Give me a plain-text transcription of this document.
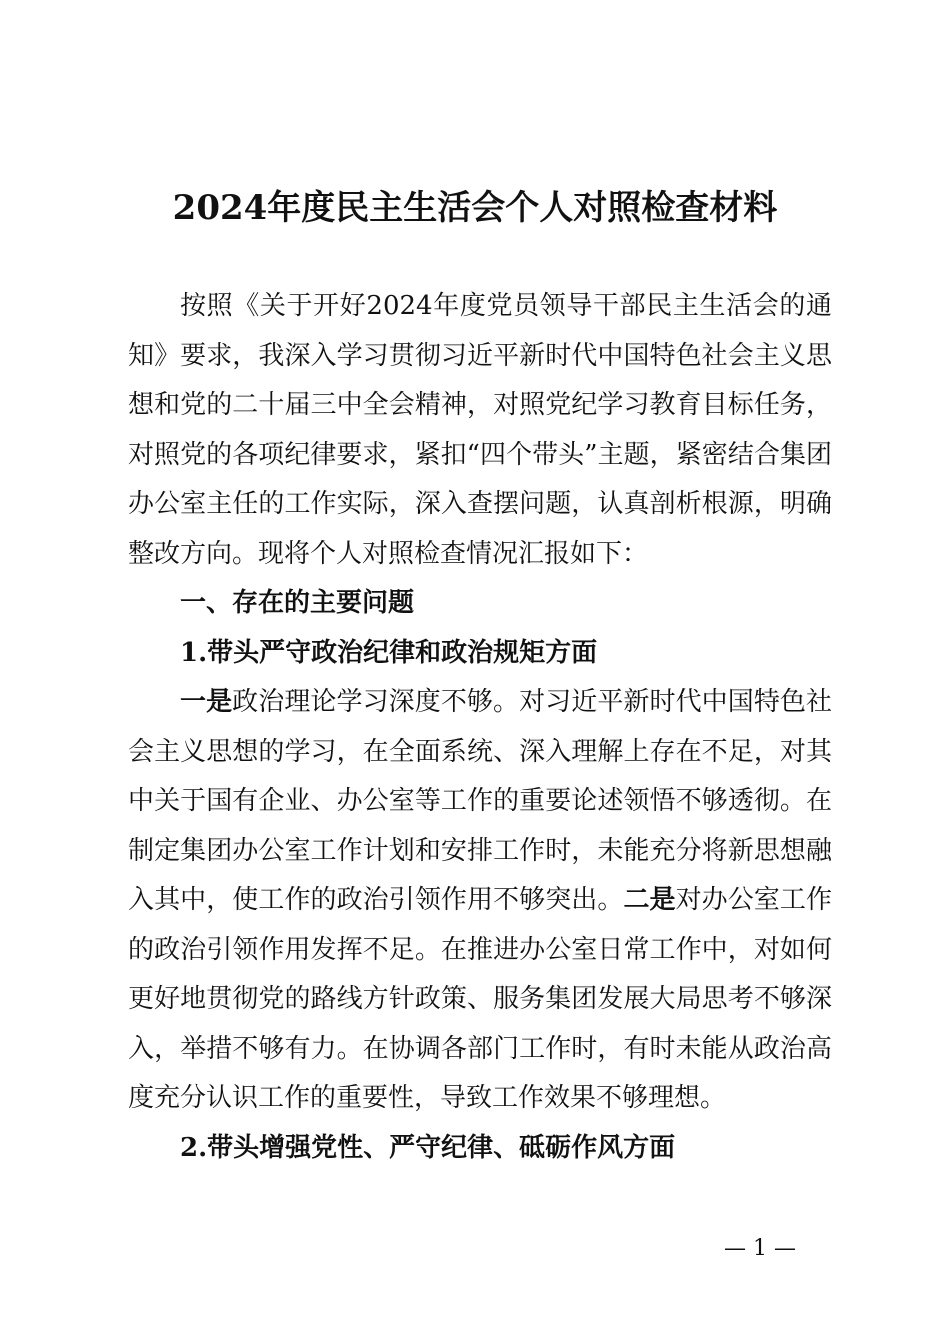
2024年度民主生活会个人对照检查材料

按照《关于开好2024年度党员领导干部民主生活会的通知》要求，我深入学习贯彻习近平新时代中国特色社会主义思想和党的二十届三中全会精神，对照党纪学习教育目标任务，对照党的各项纪律要求，紧扣“四个带头”主题，紧密结合集团办公室主任的工作实际，深入查摆问题，认真剖析根源，明确整改方向。现将个人对照检查情况汇报如下：

一、存在的主要问题

1.带头严守政治纪律和政治规矩方面

一是政治理论学习深度不够。对习近平新时代中国特色社会主义思想的学习，在全面系统、深入理解上存在不足，对其中关于国有企业、办公室等工作的重要论述领悟不够透彻。在制定集团办公室工作计划和安排工作时，未能充分将新思想融入其中，使工作的政治引领作用不够突出。二是对办公室工作的政治引领作用发挥不足。在推进办公室日常工作中，对如何更好地贯彻党的路线方针政策、服务集团发展大局思考不够深入，举措不够有力。在协调各部门工作时，有时未能从政治高度充分认识工作的重要性，导致工作效果不够理想。

2.带头增强党性、严守纪律、砥砺作风方面

— 1 —
